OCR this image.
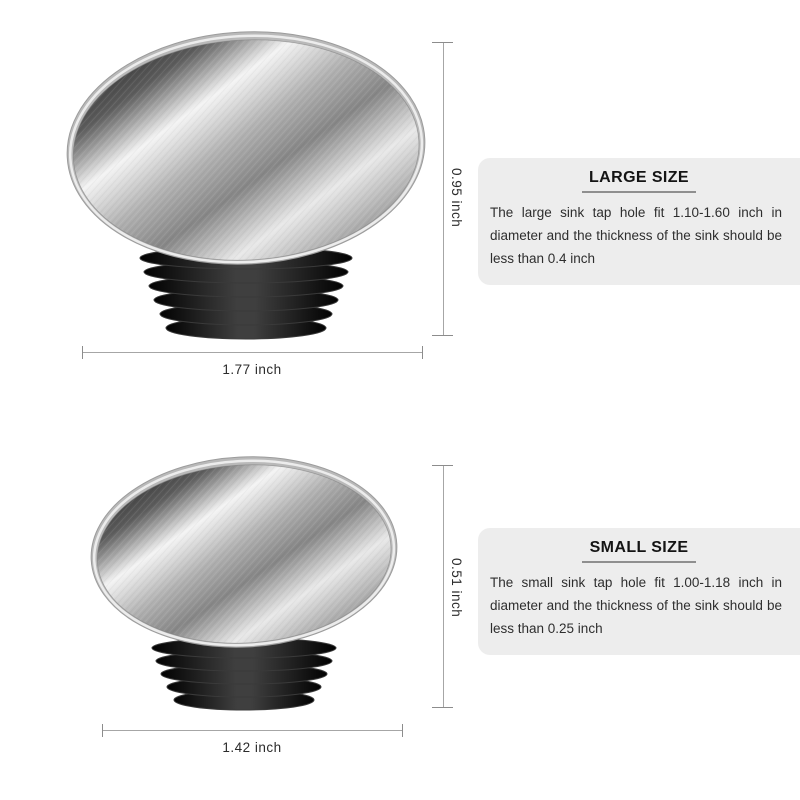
0.95 inch
1.77 inch
LARGE SIZE
The large sink tap hole fit 1.10-1.60 inch in diameter and the thickness of the sink should be less than 0.4 inch
0.51 inch
1.42 inch
SMALL SIZE
The small sink tap hole fit 1.00-1.18 inch in diameter and the thickness of the sink should be less than 0.25 inch
